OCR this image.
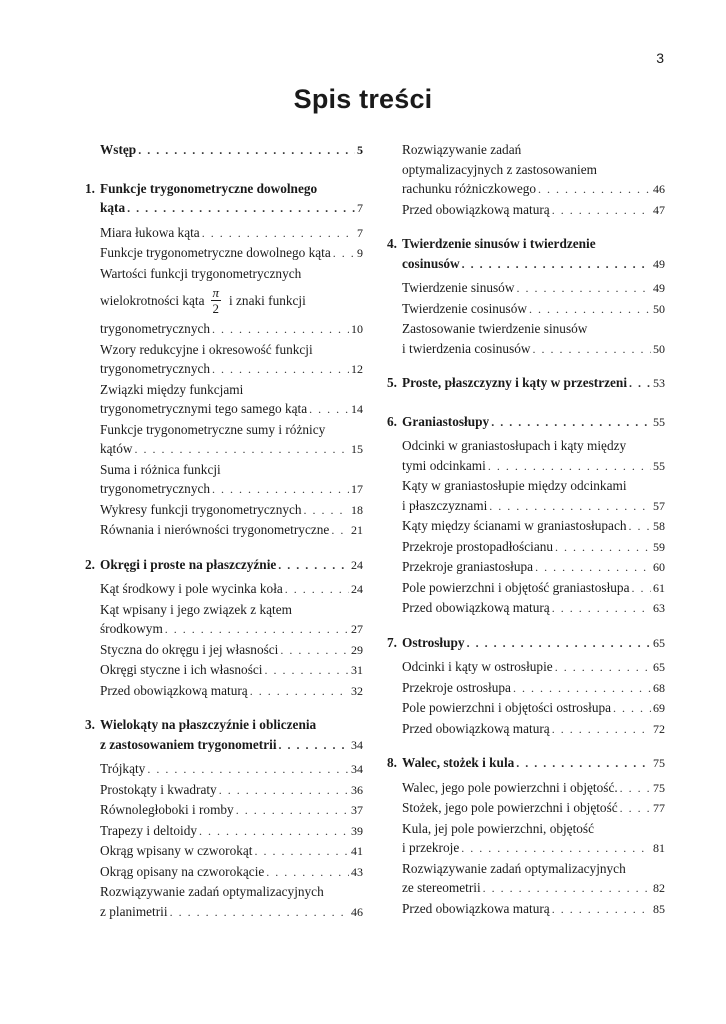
3
Spis treści
Wstęp . . .	5
1. Funkcje trygonometryczne dowolnego
kąta . . .	7
Miara łukowa kąta . . .	7
Funkcje trygonometryczne dowolnego kąta . . . 9
Wartości funkcji trygonometrycznych
wielokrotności kąta $\frac{\pi}{2}$ i znaki funkcji
trygonometrycznych . . .	10
Wzory redukcyjne i okresowość funkcji
trygonometrycznych . . .	12
Związki między funkcjami
trygonometrycznymi tego samego kąta . . .	14
Funkcje trygonometryczne sumy i różnicy
kątów . . .	15
Suma i różnica funkcji
trygonometrycznych . . .	17
Wykresy funkcji trygonometrycznych . . .	18
Równania i nierówności trygonometryczne . . . 21
2. Okręgi i proste na płaszczyźnie . . .	24
Kąt środkowy i pole wycinka koła . . .	24
Kąt wpisany i jego związek z kątem
środkowym . . .	27
Styczna do okręgu i jej własności . . .	29
Okręgi styczne i ich własności . . .	31
Przed obowiązkową maturą . . .	32
3. Wielokąty na płaszczyźnie i obliczenia
z zastosowaniem trygonometrii . . .	34
Trójkąty . . .	34
Prostokąty i kwadraty . . .	36
Równoległoboki i romby . . .	37
Trapezy i deltoidy . . .	39
Okrąg wpisany w czworokąt . . .	41
Okrąg opisany na czworokącie . . .	43
Rozwiązywanie zadań optymalizacyjnych
z planimetrii . . .	46
Rozwiązywanie zadań
optymalizacyjnych z zastosowaniem
rachunku różniczkowego . . .	46
Przed obowiązkową maturą . . .	47
4. Twierdzenie sinusów i twierdzenie
cosinusów . . .	49
Twierdzenie sinusów . . .	49
Twierdzenie cosinusów . . .	50
Zastosowanie twierdzenie sinusów
i twierdzenia cosinusów . . .	50
5. Proste, płaszczyzny i kąty w przestrzeni . . . 53
6. Graniastosłupy . . .	55
Odcinki w graniastosłupach i kąty między
tymi odcinkami . . .	55
Kąty w graniastosłupie między odcinkami
i płaszczyznami . . .	57
Kąty między ścianami w graniastosłupach . . . 58
Przekroje prostopadłościanu . . .	59
Przekroje graniastosłupa . . .	60
Pole powierzchni i objętość graniastosłupa . . . 61
Przed obowiązkową maturą . . .	63
7. Ostrosłupy . . .	65
Odcinki i kąty w ostrosłupie . . .	65
Przekroje ostrosłupa . . .	68
Pole powierzchni i objętości ostrosłupa . . .	69
Przed obowiązkową maturą . . .	72
8. Walec, stożek i kula . . .	75
Walec, jego pole powierzchni i objętość. . . .	75
Stożek, jego pole powierzchni i objętość . . .	77
Kula, jej pole powierzchni, objętość
i przekroje . . .	81
Rozwiązywanie zadań optymalizacyjnych
ze stereometrii . . .	82
Przed obowiązkowa maturą . . .	85
